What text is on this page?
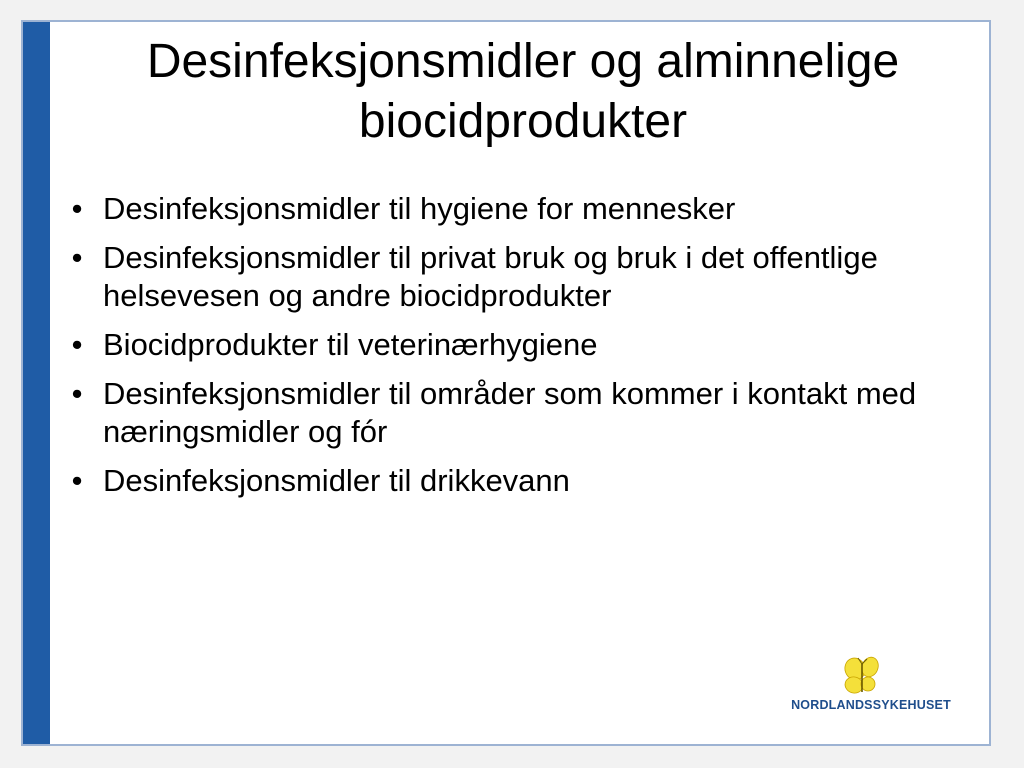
Desinfeksjonsmidler og alminnelige biocidprodukter
• Desinfeksjonsmidler til hygiene for mennesker
• Desinfeksjonsmidler til privat bruk og bruk i det offentlige helsevesen og andre biocidprodukter
• Biocidprodukter til veterinærhygiene
• Desinfeksjonsmidler til områder som kommer i kontakt med næringsmidler og fór
• Desinfeksjonsmidler til drikkevann
NORDLANDSSYKEHUSET
